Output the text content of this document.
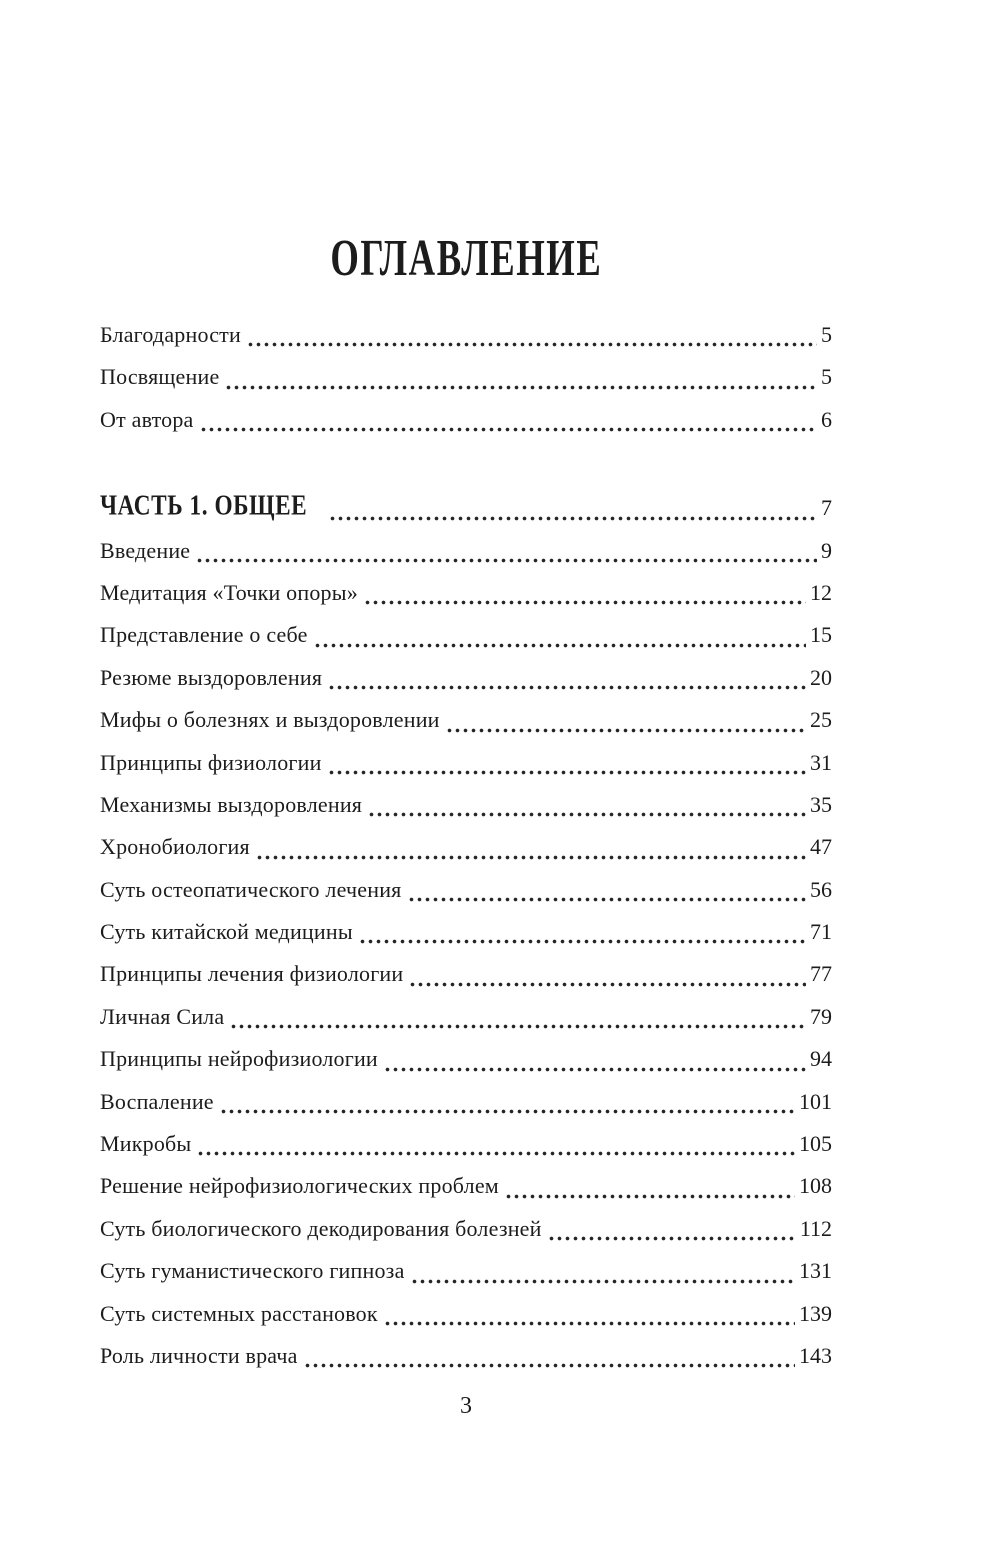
ОГЛАВЛЕНИЕ
Благодарности	5
Посвящение	5
От автора	6
ЧАСТЬ 1. ОБЩЕЕ	7
Введение	9
Медитация «Точки опоры»	12
Представление о себе	15
Резюме выздоровления	20
Мифы о болезнях и выздоровлении	25
Принципы физиологии	31
Механизмы выздоровления	35
Хронобиология	47
Суть остеопатического лечения	56
Суть китайской медицины	71
Принципы лечения физиологии	77
Личная Сила	79
Принципы нейрофизиологии	94
Воспаление	101
Микробы	105
Решение нейрофизиологических проблем	108
Суть биологического декодирования болезней	112
Суть гуманистического гипноза	131
Суть системных расстановок	139
Роль личности врача	143
3
